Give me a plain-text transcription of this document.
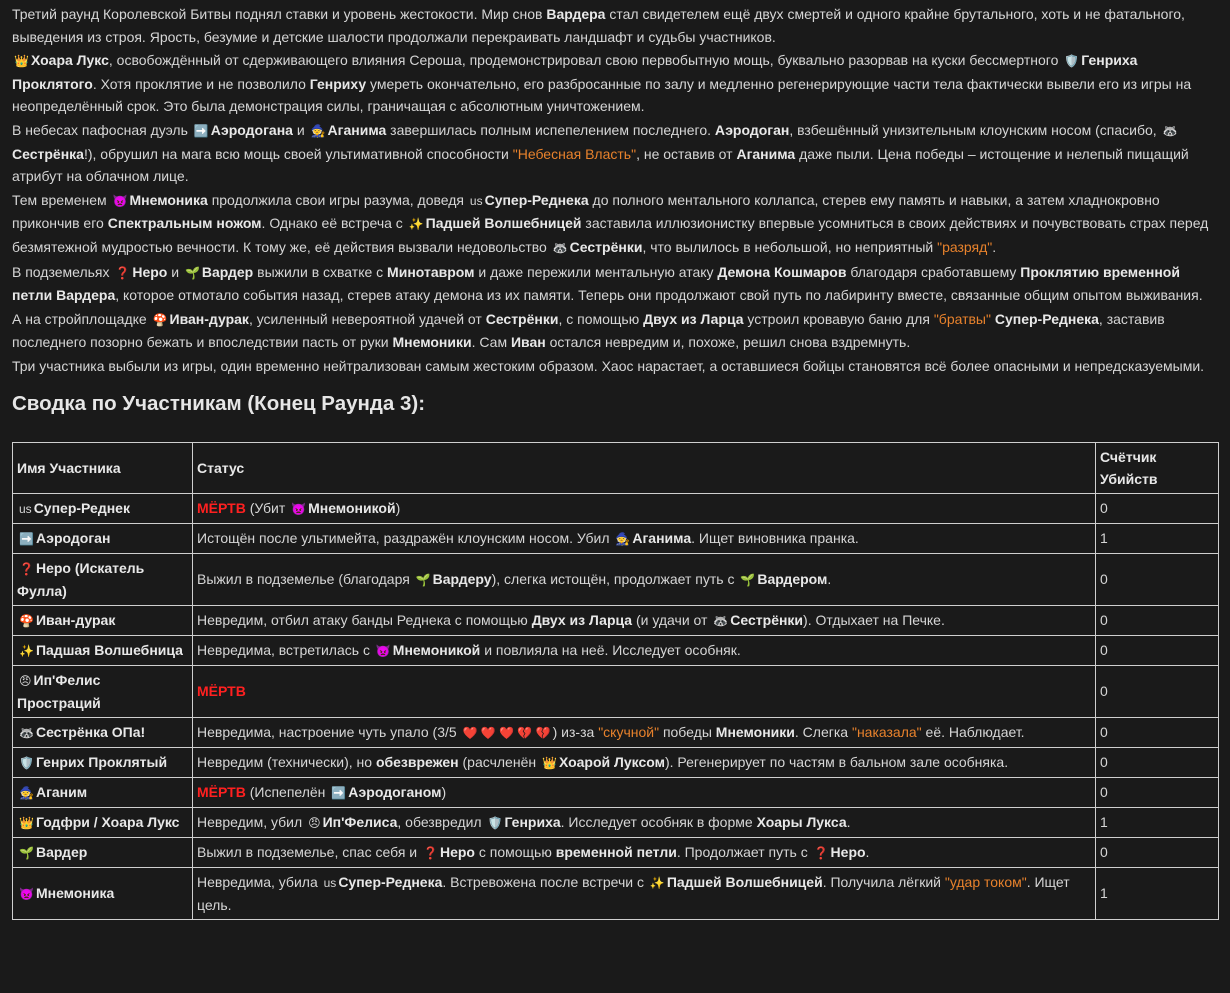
Третий раунд Королевской Битвы поднял ставки и уровень жестокости. Мир снов Вардера стал свидетелем ещё двух смертей и одного крайне брутального, хоть и не фатального, выведения из строя. Ярость, безумие и детские шалости продолжали перекраивать ландшафт и судьбы участников.

👑 Хоара Лукс, освобождённый от сдерживающего влияния Сероша, продемонстрировал свою первобытную мощь, буквально разорвав на куски бессмертного 🛡️ Генриха Проклятого. Хотя проклятие и не позволило Генриху умереть окончательно, его разбросанные по залу и медленно регенерирующие части тела фактически вывели его из игры на неопределённый срок. Это была демонстрация силы, граничащая с абсолютным уничтожением.

В небесах пафосная дуэль ➡️ Аэродогана и 🧙 Аганима завершилась полным испепелением последнего. Аэродоган, взбешённый унизительным клоунским носом (спасибо, 🦝Сестрёнка!), обрушил на мага всю мощь своей ультимативной способности "Небесная Власть", не оставив от Аганима даже пыли. Цена победы – истощение и нелепый пищащий атрибут на облачном лице.

Тем временем 👿 Мнемоника продолжила свои игры разума, доведя us Супер-Реднека до полного ментального коллапса, стерев ему память и навыки, а затем хладнокровно прикончив его Спектральным ножом. Однако её встреча с ✨ Падшей Волшебницей заставила иллюзионистку впервые усомниться в своих действиях и почувствовать страх перед безмятежной мудростью вечности. К тому же, её действия вызвали недовольство 🦝 Сестрёнки, что вылилось в небольшой, но неприятный "разряд".

В подземельях ❓ Неро и 🌱 Вардер выжили в схватке с Минотавром и даже пережили ментальную атаку Демона Кошмаров благодаря сработавшему Проклятию временной петли Вардера, которое отмотало события назад, стерев атаку демона из их памяти. Теперь они продолжают свой путь по лабиринту вместе, связанные общим опытом выживания.

А на стройплощадке 🍄 Иван-дурак, усиленный невероятной удачей от Сестрёнки, с помощью Двух из Ларца устроил кровавую баню для "братвы" Супер-Реднека, заставив последнего позорно бежать и впоследствии пасть от руки Мнемоники. Сам Иван остался невредим и, похоже, решил снова вздремнуть.

Три участника выбыли из игры, один временно нейтрализован самым жестоким образом. Хаос нарастает, а оставшиеся бойцы становятся всё более опасными и непредсказуемыми.

Сводка по Участникам (Конец Раунда 3):
Имя Участника	Статус	Счётчик Убийств
us Супер-Реднек	МЁРТВ (Убит 👿 Мнемоникой)	0
➡️ Аэродоган	Истощён после ультимейта, раздражён клоунским носом. Убил 🧙 Аганима. Ищет виновника пранка.	1
❓ Неро (Искатель Фулла)	Выжил в подземелье (благодаря 🌱 Вардеру), слегка истощён, продолжает путь с 🌱 Вардером.	0
🍄 Иван-дурак	Невредим, отбил атаку банды Реднека с помощью Двух из Ларца (и удачи от 🦝 Сестрёнки). Отдыхает на Печке.	0
✨ Падшая Волшебница	Невредима, встретилась с 👿 Мнемоникой и повлияла на неё. Исследует особняк.	0
😠 Ип'Фелис Простраций	МЁРТВ	0
🦝 Сестрёнка ОПа!	Невредима, настроение чуть упало (3/5 ❤️ ❤️ ❤️ 💔 💔 ) из-за "скучной" победы Мнемоники. Слегка "наказала" её. Наблюдает.	0
🛡️ Генрих Проклятый	Невредим (технически), но обезврежен (расчленён 👑 Хоарой Луксом). Регенерирует по частям в бальном зале особняка.	0
🧙 Аганим	МЁРТВ (Испепелён ➡️ Аэродоганом)	0
👑 Годфри / Хоара Лукс	Невредим, убил 😠 Ип'Фелиса, обезвредил 🛡️ Генриха. Исследует особняк в форме Хоары Лукса.	1
🌱 Вардер	Выжил в подземелье, спас себя и ❓ Неро с помощью временной петли. Продолжает путь с ❓ Неро.	0
👿 Мнемоника	Невредима, убила us Супер-Реднека. Встревожена после встречи с ✨ Падшей Волшебницей. Получила лёгкий "удар током". Ищет цель.	1
